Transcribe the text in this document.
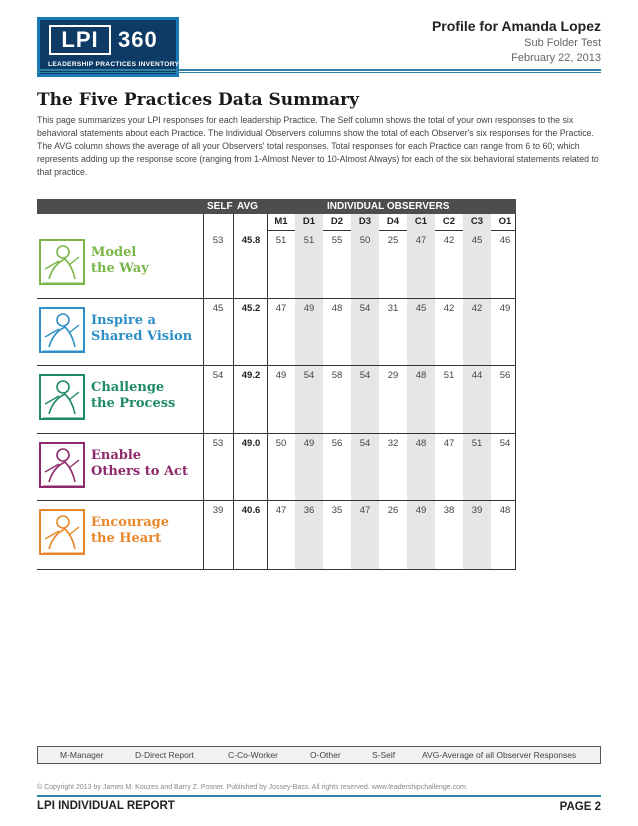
LPI 360
LEADERSHIP PRACTICES INVENTORY
Profile for Amanda Lopez
Sub Folder Test
February 22, 2013
The Five Practices Data Summary
This page summarizes your LPI responses for each leadership Practice. The Self column shows the total of your own responses to the six behavioral statements about each Practice. The Individual Observers columns show the total of each Observer's six responses for the Practice. The AVG column shows the average of all your Observers' total responses. Total responses for each Practice can range from 6 to 60; which represents adding up the response score (ranging from 1-Almost Never to 10-Almost Always) for each of the six behavioral statements related to that practice.
SELF AVG	INDIVIDUAL OBSERVERS
M1	D1	D2	D3	D4	C1	C2	C3	O1
Model
the Way
53	45.8	51	51	55	50	25	47	42	45	46
Inspire a
Shared Vision
45	45.2	47	49	48	54	31	45	42	42	49
Challenge
the Process
54	49.2	49	54	58	54	29	48	51	44	56
Enable
Others to Act
53	49.0	50	49	56	54	32	48	47	51	54
Encourage
the Heart
39	40.6	47	36	35	47	26	49	38	39	48
M-Manager	D-Direct Report	C-Co-Worker	O-Other	S-Self	AVG-Average of all Observer Responses
© Copyright 2013 by James M. Kouzes and Barry Z. Posner. Published by Jossey-Bass. All rights reserved. www.leadershipchallenge.com.
LPI INDIVIDUAL REPORT	PAGE 2
